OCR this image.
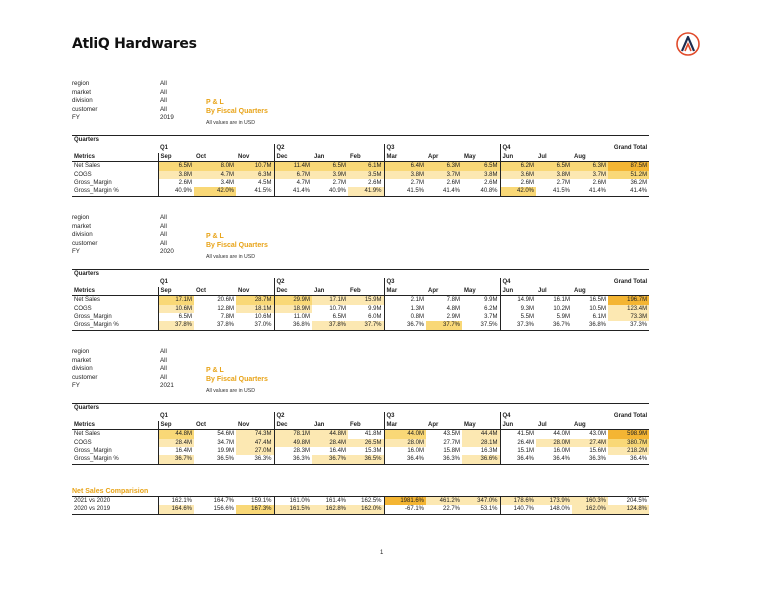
AtliQ Hardwares
region	All
market	All
division	All
customer	All
FY	2019
P & L
By Fiscal Quarters
All values are in USD
Quarters													
	Q1			Q2			Q3			Q4			Grand Total
Metrics	Sep	Oct	Nov	Dec	Jan	Feb	Mar	Apr	May	Jun	Jul	Aug	
Net Sales	6.5M	8.0M	10.7M	11.4M	6.5M	6.1M	6.4M	6.3M	6.5M	6.2M	6.5M	6.3M	87.5M
COGS	3.8M	4.7M	6.3M	6.7M	3.9M	3.5M	3.8M	3.7M	3.8M	3.6M	3.8M	3.7M	51.2M
Gross_Margin	2.6M	3.4M	4.5M	4.7M	2.7M	2.6M	2.7M	2.6M	2.6M	2.6M	2.7M	2.6M	36.2M
Gross_Margin %	40.9%	42.0%	41.5%	41.4%	40.9%	41.9%	41.5%	41.4%	40.8%	42.0%	41.5%	41.4%	41.4%
region	All
market	All
division	All
customer	All
FY	2020
P & L
By Fiscal Quarters
All values are in USD
Quarters													
	Q1			Q2			Q3			Q4			Grand Total
Metrics	Sep	Oct	Nov	Dec	Jan	Feb	Mar	Apr	May	Jun	Jul	Aug	
Net Sales	17.1M	20.6M	28.7M	29.9M	17.1M	15.9M	2.1M	7.8M	9.9M	14.9M	16.1M	16.5M	196.7M
COGS	10.6M	12.8M	18.1M	18.9M	10.7M	9.9M	1.3M	4.8M	6.2M	9.3M	10.2M	10.5M	123.4M
Gross_Margin	6.5M	7.8M	10.6M	11.0M	6.5M	6.0M	0.8M	2.9M	3.7M	5.5M	5.9M	6.1M	73.3M
Gross_Margin %	37.8%	37.8%	37.0%	36.8%	37.8%	37.7%	36.7%	37.7%	37.5%	37.3%	36.7%	36.8%	37.3%
region	All
market	All
division	All
customer	All
FY	2021
P & L
By Fiscal Quarters
All values are in USD
Quarters													
	Q1			Q2			Q3			Q4			Grand Total
Metrics	Sep	Oct	Nov	Dec	Jan	Feb	Mar	Apr	May	Jun	Jul	Aug	
Net Sales	44.8M	54.6M	74.3M	78.1M	44.8M	41.8M	44.0M	43.5M	44.4M	41.5M	44.0M	43.0M	598.9M
COGS	28.4M	34.7M	47.4M	49.8M	28.4M	26.5M	28.0M	27.7M	28.1M	26.4M	28.0M	27.4M	380.7M
Gross_Margin	16.4M	19.9M	27.0M	28.3M	16.4M	15.3M	16.0M	15.8M	16.3M	15.1M	16.0M	15.6M	218.2M
Gross_Margin %	36.7%	36.5%	36.3%	36.3%	36.7%	36.5%	36.4%	36.3%	36.6%	36.4%	36.4%	36.3%	36.4%
Net Sales Comparision
2021 vs 2020	162.1%	164.7%	159.1%	161.0%	161.4%	162.5%	1981.6%	461.2%	347.0%	178.6%	173.9%	160.3%	204.5%
2020 vs 2019	164.6%	156.6%	167.3%	161.5%	162.8%	162.0%	-67.1%	22.7%	53.1%	140.7%	148.0%	162.0%	124.8%
1
